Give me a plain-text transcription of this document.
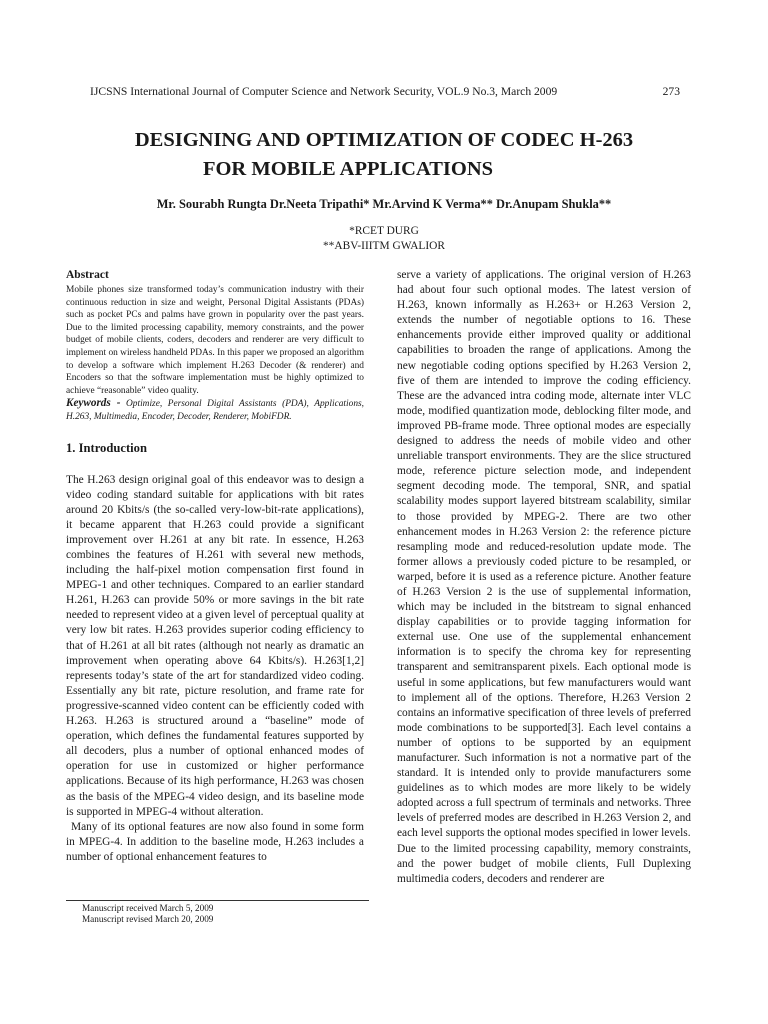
IJCSNS International Journal of Computer Science and Network Security, VOL.9 No.3, March 2009	273
DESIGNING AND OPTIMIZATION OF CODEC H-263
FOR MOBILE APPLICATIONS
Mr. Sourabh Rungta Dr.Neeta Tripathi* Mr.Arvind K Verma** Dr.Anupam Shukla**
*RCET DURG
**ABV-IIITM GWALIOR
Abstract

Mobile phones size transformed today’s communication industry with their continuous reduction in size and weight, Personal Digital Assistants (PDAs) such as pocket PCs and palms have grown in popularity over the past years. Due to the limited processing capability, memory constraints, and the power budget of mobile clients, coders, decoders and renderer are very difficult to implement on wireless handheld PDAs. In this paper we proposed an algorithm to develop a software which implement H.263 Decoder (& renderer) and Encoders so that the software implementation must be highly optimized to achieve “reasonable” video quality.

Keywords - Optimize, Personal Digital Assistants (PDA), Applications, H.263, Multimedia, Encoder, Decoder, Renderer, MobiFDR.

1. Introduction

The H.263 design original goal of this endeavor was to design a video coding standard suitable for applications with bit rates around 20 Kbits/s (the so-called very-low-bit-rate applications), it became apparent that H.263 could provide a significant improvement over H.261 at any bit rate. In essence, H.263 combines the features of H.261 with several new methods, including the half-pixel motion compensation first found in MPEG-1 and other techniques. Compared to an earlier standard H.261, H.263 can provide 50% or more savings in the bit rate needed to represent video at a given level of perceptual quality at very low bit rates. H.263 provides superior coding efficiency to that of H.261 at all bit rates (although not nearly as dramatic an improvement when operating above 64 Kbits/s). H.263[1,2] represents today’s state of the art for standardized video coding. Essentially any bit rate, picture resolution, and frame rate for progressive-scanned video content can be efficiently coded with H.263. H.263 is structured around a “baseline” mode of operation, which defines the fundamental features supported by all decoders, plus a number of optional enhanced modes of operation for use in customized or higher performance applications. Because of its high performance, H.263 was chosen as the basis of the MPEG-4 video design, and its baseline mode is supported in MPEG-4 without alteration.

Many of its optional features are now also found in some form in MPEG-4. In addition to the baseline mode, H.263 includes a number of optional enhancement features to

serve a variety of applications. The original version of H.263 had about four such optional modes. The latest version of H.263, known informally as H.263+ or H.263 Version 2, extends the number of negotiable options to 16. These enhancements provide either improved quality or additional capabilities to broaden the range of applications. Among the new negotiable coding options specified by H.263 Version 2, five of them are intended to improve the coding efficiency. These are the advanced intra coding mode, alternate inter VLC mode, modified quantization mode, deblocking filter mode, and improved PB-frame mode. Three optional modes are especially designed to address the needs of mobile video and other unreliable transport environments. They are the slice structured mode, reference picture selection mode, and independent segment decoding mode. The temporal, SNR, and spatial scalability modes support layered bitstream scalability, similar to those provided by MPEG-2. There are two other enhancement modes in H.263 Version 2: the reference picture resampling mode and reduced-resolution update mode. The former allows a previously coded picture to be resampled, or warped, before it is used as a reference picture. Another feature of H.263 Version 2 is the use of supplemental information, which may be included in the bitstream to signal enhanced display capabilities or to provide tagging information for external use. One use of the supplemental enhancement information is to specify the chroma key for representing transparent and semitransparent pixels. Each optional mode is useful in some applications, but few manufacturers would want to implement all of the options. Therefore, H.263 Version 2 contains an informative specification of three levels of preferred mode combinations to be supported[3]. Each level contains a number of options to be supported by an equipment manufacturer. Such information is not a normative part of the standard. It is intended only to provide manufacturers some guidelines as to which modes are more likely to be widely adopted across a full spectrum of terminals and networks. Three levels of preferred modes are described in H.263 Version 2, and each level supports the optional modes specified in lower levels.

Due to the limited processing capability, memory constraints, and the power budget of mobile clients, Full Duplexing multimedia coders, decoders and renderer are

Manuscript received March 5, 2009
Manuscript revised March 20, 2009
